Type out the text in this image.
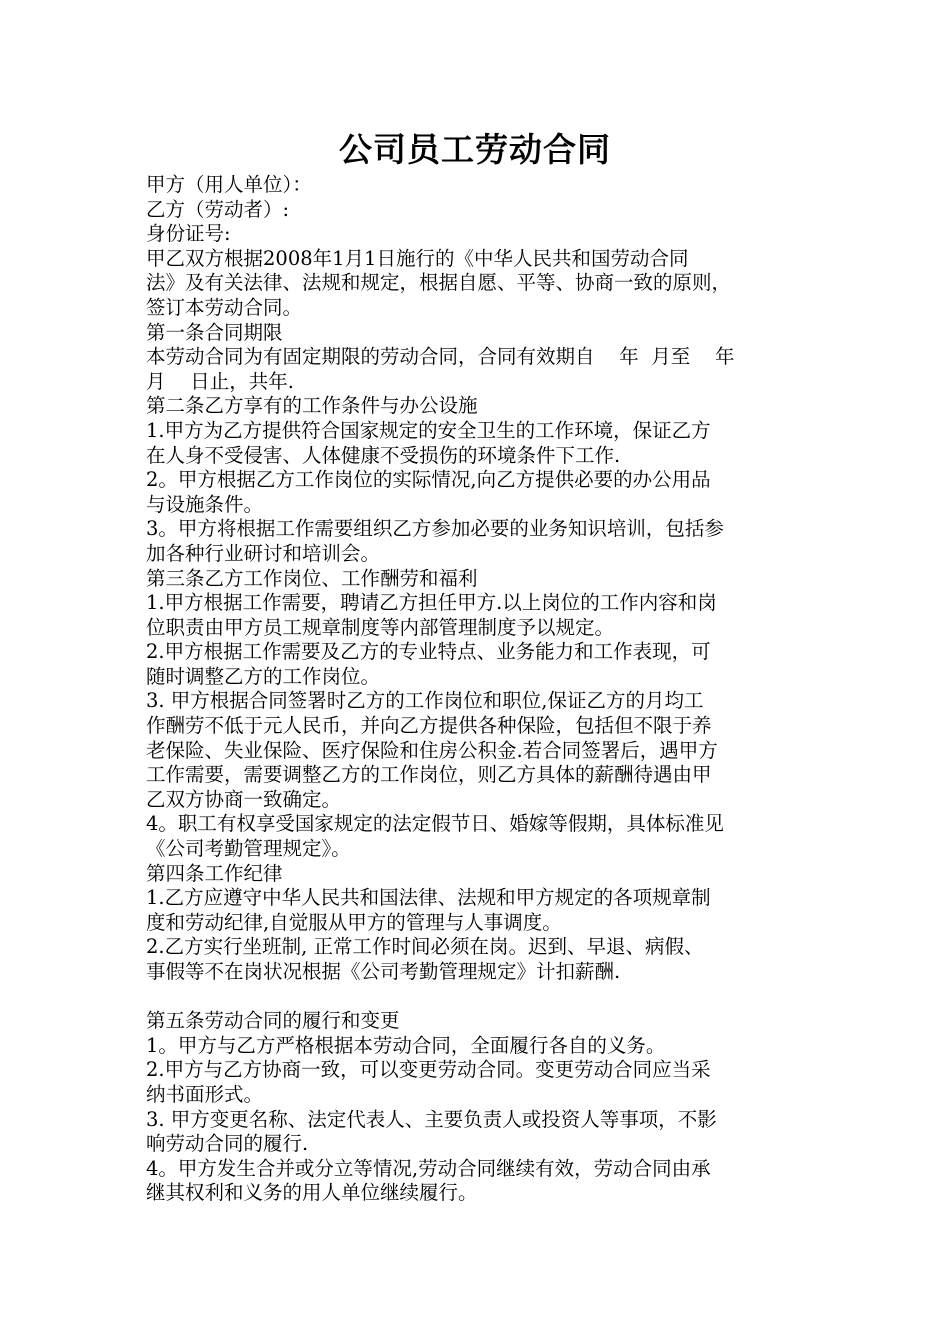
公司员工劳动合同
甲方（用人单位）：
乙方（劳动者）:
身份证号:
甲乙双方根据2008年1月1日施行的《中华人民共和国劳动合同
法》及有关法律、法规和规定，根据自愿、平等、协商一致的原则，
签订本劳动合同。
第一条合同期限
本劳动合同为有固定期限的劳动合同，合同有效期自    年  月至    年
月    日止，共年.
第二条乙方享有的工作条件与办公设施
1.甲方为乙方提供符合国家规定的安全卫生的工作环境，保证乙方
在人身不受侵害、人体健康不受损伤的环境条件下工作.
2。甲方根据乙方工作岗位的实际情况,向乙方提供必要的办公用品
与设施条件。
3。甲方将根据工作需要组织乙方参加必要的业务知识培训，包括参
加各种行业研讨和培训会。
第三条乙方工作岗位、工作酬劳和福利
1.甲方根据工作需要，聘请乙方担任甲方.以上岗位的工作内容和岗
位职责由甲方员工规章制度等内部管理制度予以规定。
2.甲方根据工作需要及乙方的专业特点、业务能力和工作表现，可
随时调整乙方的工作岗位。
3. 甲方根据合同签署时乙方的工作岗位和职位,保证乙方的月均工
作酬劳不低于元人民币，并向乙方提供各种保险，包括但不限于养
老保险、失业保险、医疗保险和住房公积金.若合同签署后，遇甲方
工作需要，需要调整乙方的工作岗位，则乙方具体的薪酬待遇由甲
乙双方协商一致确定。
4。职工有权享受国家规定的法定假节日、婚嫁等假期，具体标准见
《公司考勤管理规定》。
第四条工作纪律
1.乙方应遵守中华人民共和国法律、法规和甲方规定的各项规章制
度和劳动纪律,自觉服从甲方的管理与人事调度。
2.乙方实行坐班制, 正常工作时间必须在岗。迟到、早退、病假、
事假等不在岗状况根据《公司考勤管理规定》计扣薪酬.
第五条劳动合同的履行和变更
1。甲方与乙方严格根据本劳动合同，全面履行各自的义务。
2.甲方与乙方协商一致，可以变更劳动合同。变更劳动合同应当采
纳书面形式。
3. 甲方变更名称、法定代表人、主要负责人或投资人等事项，不影
响劳动合同的履行.
4。甲方发生合并或分立等情况,劳动合同继续有效，劳动合同由承
继其权利和义务的用人单位继续履行。
